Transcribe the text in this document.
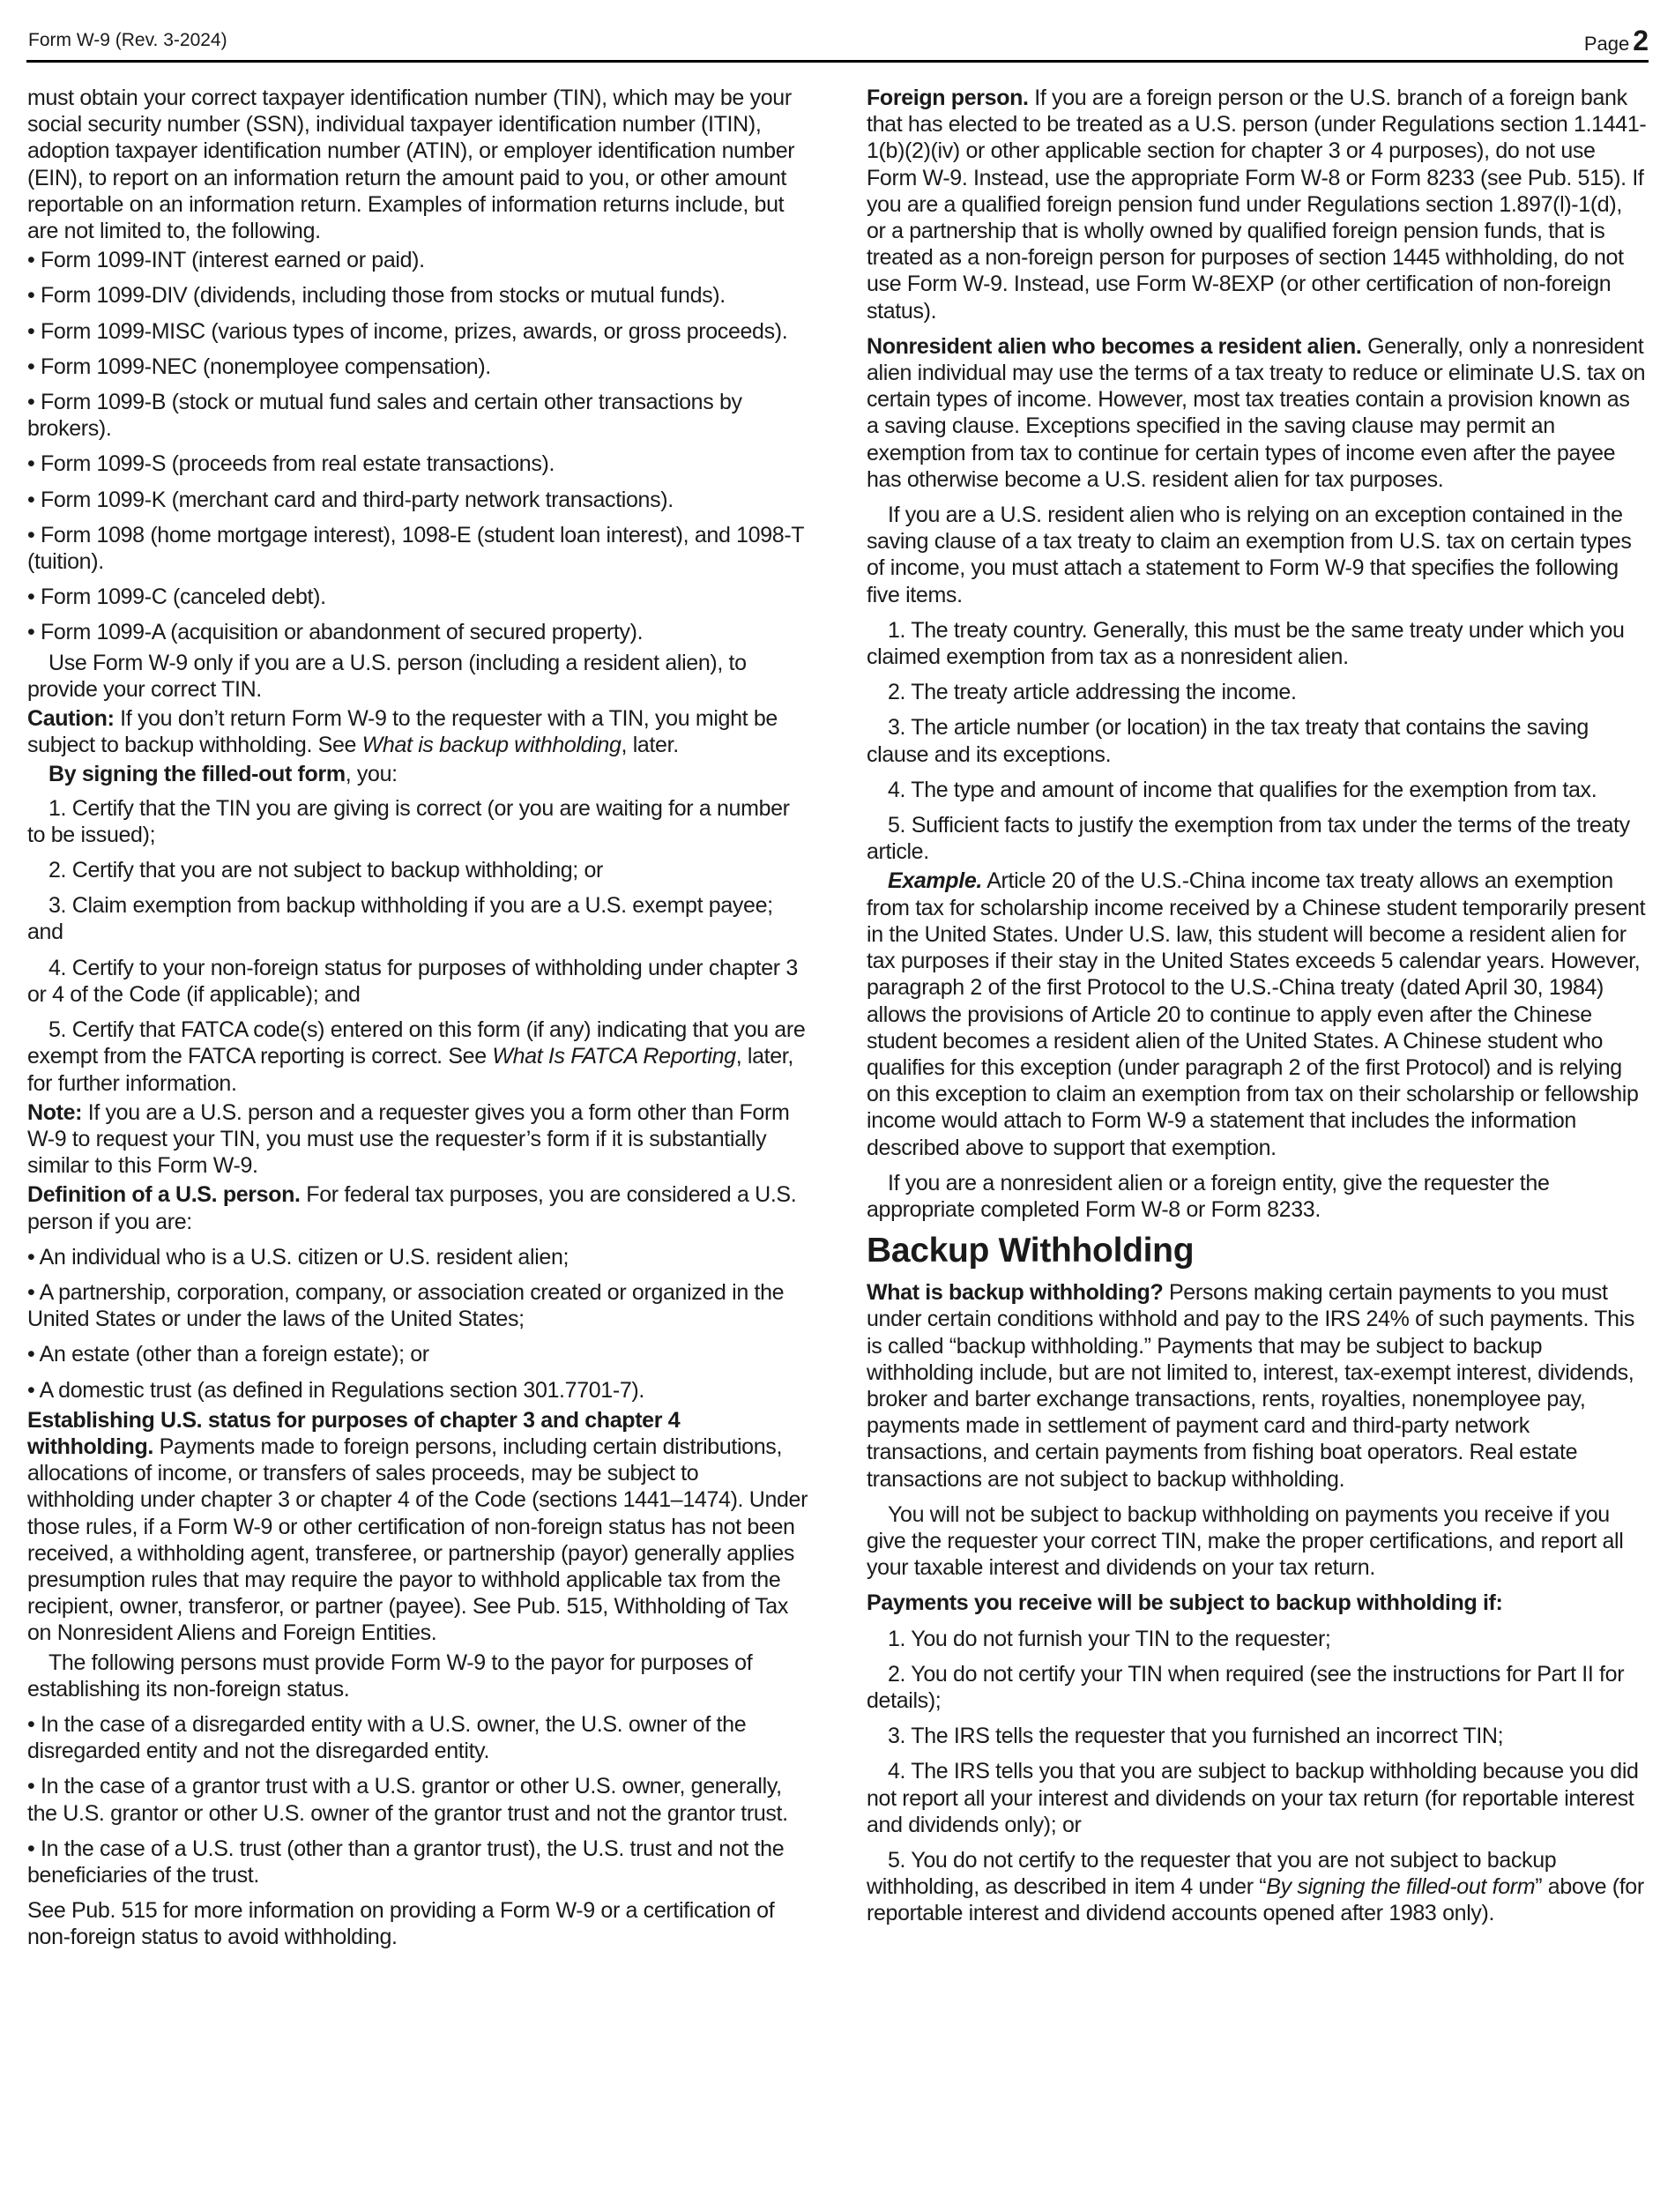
Form W-9 (Rev. 3-2024)	Page 2

must obtain your correct taxpayer identification number (TIN), which may be your social security number (SSN), individual taxpayer identification number (ITIN), adoption taxpayer identification number (ATIN), or employer identification number (EIN), to report on an information return the amount paid to you, or other amount reportable on an information return. Examples of information returns include, but are not limited to, the following.

• Form 1099-INT (interest earned or paid).
• Form 1099-DIV (dividends, including those from stocks or mutual funds).
• Form 1099-MISC (various types of income, prizes, awards, or gross proceeds).
• Form 1099-NEC (nonemployee compensation).
• Form 1099-B (stock or mutual fund sales and certain other transactions by brokers).
• Form 1099-S (proceeds from real estate transactions).
• Form 1099-K (merchant card and third-party network transactions).
• Form 1098 (home mortgage interest), 1098-E (student loan interest), and 1098-T (tuition).
• Form 1099-C (canceled debt).
• Form 1099-A (acquisition or abandonment of secured property).

Use Form W-9 only if you are a U.S. person (including a resident alien), to provide your correct TIN.

Caution: If you don’t return Form W-9 to the requester with a TIN, you might be subject to backup withholding. See What is backup withholding, later.

By signing the filled-out form, you:

1. Certify that the TIN you are giving is correct (or you are waiting for a number to be issued);

2. Certify that you are not subject to backup withholding; or

3. Claim exemption from backup withholding if you are a U.S. exempt payee; and

4. Certify to your non-foreign status for purposes of withholding under chapter 3 or 4 of the Code (if applicable); and

5. Certify that FATCA code(s) entered on this form (if any) indicating that you are exempt from the FATCA reporting is correct. See What Is FATCA Reporting, later, for further information.

Note: If you are a U.S. person and a requester gives you a form other than Form W-9 to request your TIN, you must use the requester’s form if it is substantially similar to this Form W-9.

Definition of a U.S. person. For federal tax purposes, you are considered a U.S. person if you are:

• An individual who is a U.S. citizen or U.S. resident alien;
• A partnership, corporation, company, or association created or organized in the United States or under the laws of the United States;
• An estate (other than a foreign estate); or
• A domestic trust (as defined in Regulations section 301.7701-7).

Establishing U.S. status for purposes of chapter 3 and chapter 4 withholding. Payments made to foreign persons, including certain distributions, allocations of income, or transfers of sales proceeds, may be subject to withholding under chapter 3 or chapter 4 of the Code (sections 1441–1474). Under those rules, if a Form W-9 or other certification of non-foreign status has not been received, a withholding agent, transferee, or partnership (payor) generally applies presumption rules that may require the payor to withhold applicable tax from the recipient, owner, transferor, or partner (payee). See Pub. 515, Withholding of Tax on Nonresident Aliens and Foreign Entities.

The following persons must provide Form W-9 to the payor for purposes of establishing its non-foreign status.

• In the case of a disregarded entity with a U.S. owner, the U.S. owner of the disregarded entity and not the disregarded entity.
• In the case of a grantor trust with a U.S. grantor or other U.S. owner, generally, the U.S. grantor or other U.S. owner of the grantor trust and not the grantor trust.
• In the case of a U.S. trust (other than a grantor trust), the U.S. trust and not the beneficiaries of the trust.

See Pub. 515 for more information on providing a Form W-9 or a certification of non-foreign status to avoid withholding.

Foreign person. If you are a foreign person or the U.S. branch of a foreign bank that has elected to be treated as a U.S. person (under Regulations section 1.1441-1(b)(2)(iv) or other applicable section for chapter 3 or 4 purposes), do not use Form W-9. Instead, use the appropriate Form W-8 or Form 8233 (see Pub. 515). If you are a qualified foreign pension fund under Regulations section 1.897(l)-1(d), or a partnership that is wholly owned by qualified foreign pension funds, that is treated as a non-foreign person for purposes of section 1445 withholding, do not use Form W-9. Instead, use Form W-8EXP (or other certification of non-foreign status).

Nonresident alien who becomes a resident alien. Generally, only a nonresident alien individual may use the terms of a tax treaty to reduce or eliminate U.S. tax on certain types of income. However, most tax treaties contain a provision known as a saving clause. Exceptions specified in the saving clause may permit an exemption from tax to continue for certain types of income even after the payee has otherwise become a U.S. resident alien for tax purposes.

If you are a U.S. resident alien who is relying on an exception contained in the saving clause of a tax treaty to claim an exemption from U.S. tax on certain types of income, you must attach a statement to Form W-9 that specifies the following five items.

1. The treaty country. Generally, this must be the same treaty under which you claimed exemption from tax as a nonresident alien.

2. The treaty article addressing the income.

3. The article number (or location) in the tax treaty that contains the saving clause and its exceptions.

4. The type and amount of income that qualifies for the exemption from tax.

5. Sufficient facts to justify the exemption from tax under the terms of the treaty article.

Example. Article 20 of the U.S.-China income tax treaty allows an exemption from tax for scholarship income received by a Chinese student temporarily present in the United States. Under U.S. law, this student will become a resident alien for tax purposes if their stay in the United States exceeds 5 calendar years. However, paragraph 2 of the first Protocol to the U.S.-China treaty (dated April 30, 1984) allows the provisions of Article 20 to continue to apply even after the Chinese student becomes a resident alien of the United States. A Chinese student who qualifies for this exception (under paragraph 2 of the first Protocol) and is relying on this exception to claim an exemption from tax on their scholarship or fellowship income would attach to Form W-9 a statement that includes the information described above to support that exemption.

If you are a nonresident alien or a foreign entity, give the requester the appropriate completed Form W-8 or Form 8233.

Backup Withholding

What is backup withholding? Persons making certain payments to you must under certain conditions withhold and pay to the IRS 24% of such payments. This is called “backup withholding.” Payments that may be subject to backup withholding include, but are not limited to, interest, tax-exempt interest, dividends, broker and barter exchange transactions, rents, royalties, nonemployee pay, payments made in settlement of payment card and third-party network transactions, and certain payments from fishing boat operators. Real estate transactions are not subject to backup withholding.

You will not be subject to backup withholding on payments you receive if you give the requester your correct TIN, make the proper certifications, and report all your taxable interest and dividends on your tax return.

Payments you receive will be subject to backup withholding if:

1. You do not furnish your TIN to the requester;

2. You do not certify your TIN when required (see the instructions for Part II for details);

3. The IRS tells the requester that you furnished an incorrect TIN;

4. The IRS tells you that you are subject to backup withholding because you did not report all your interest and dividends on your tax return (for reportable interest and dividends only); or

5. You do not certify to the requester that you are not subject to backup withholding, as described in item 4 under “By signing the filled-out form” above (for reportable interest and dividend accounts opened after 1983 only).
